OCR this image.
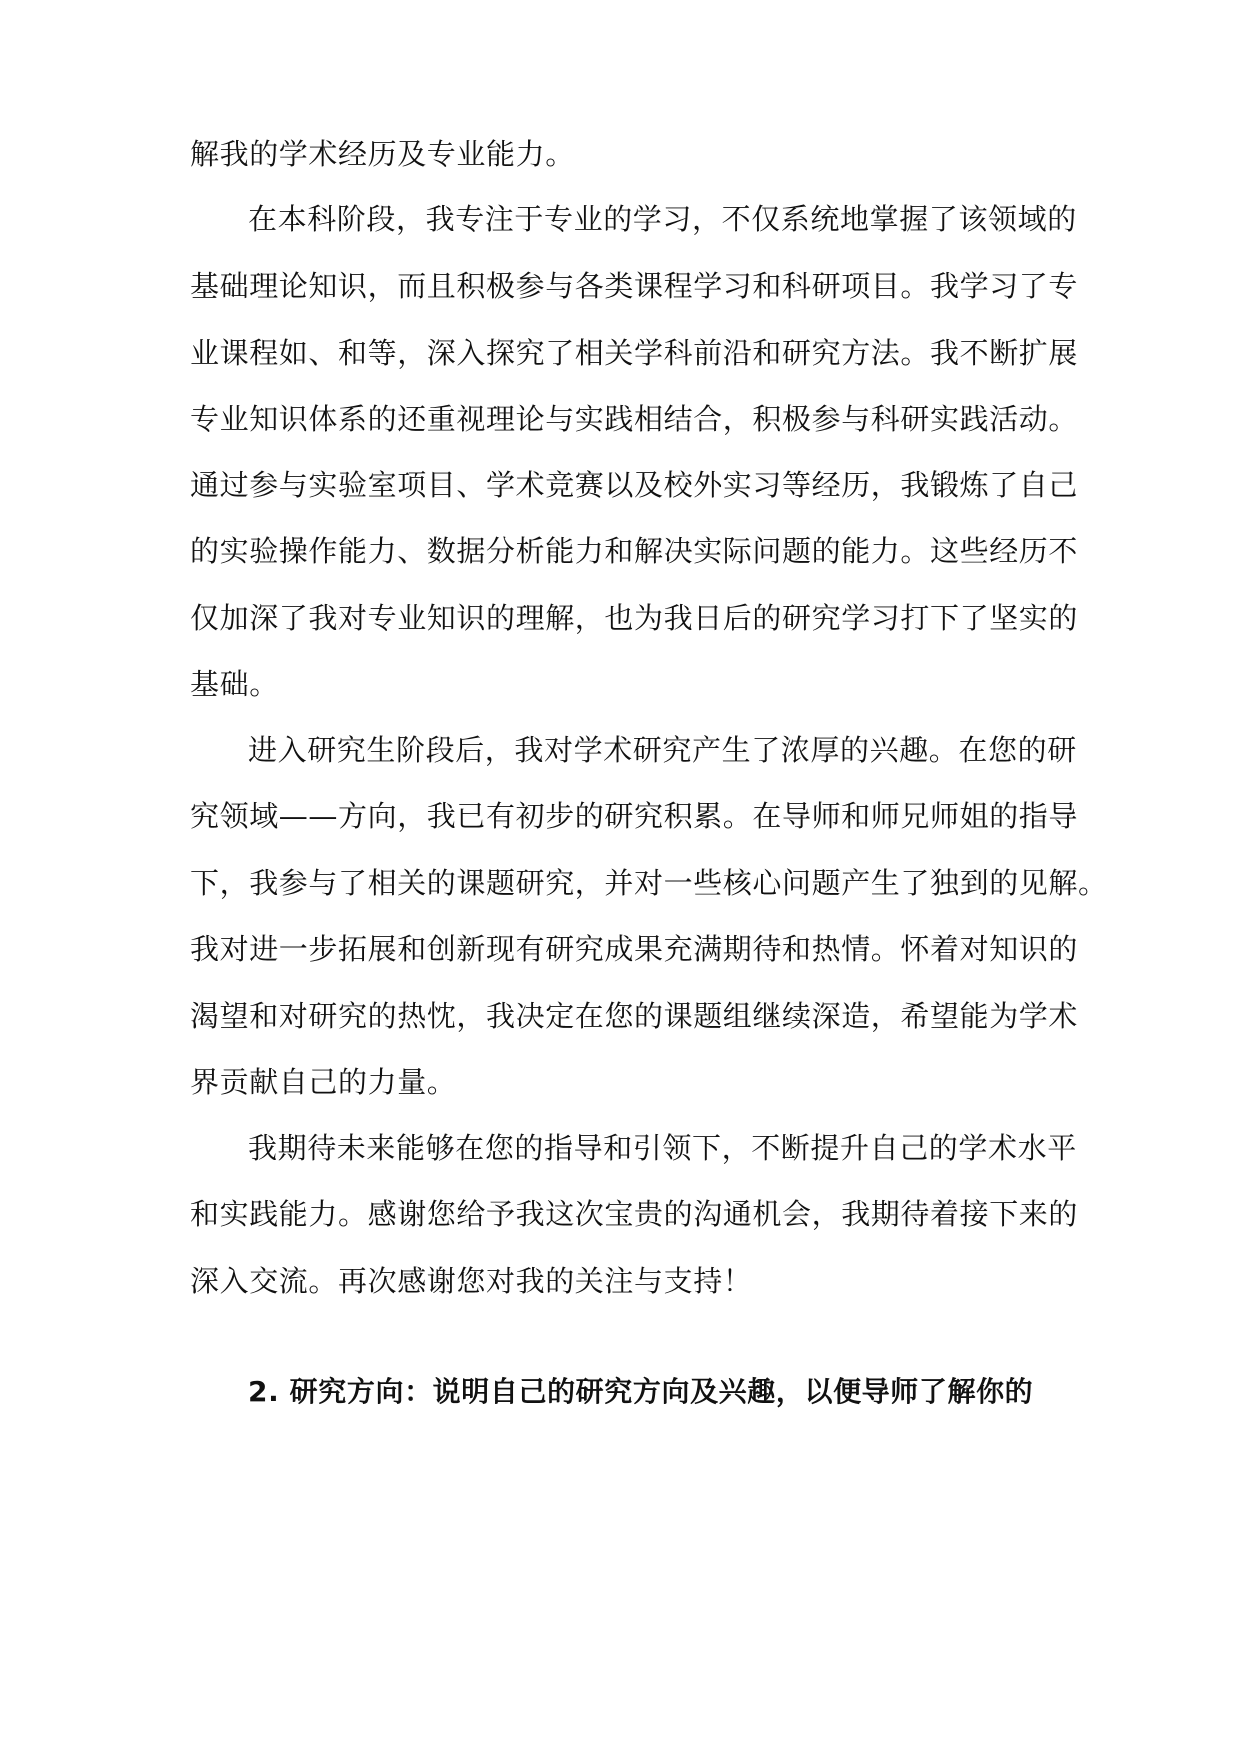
解我的学术经历及专业能力。
在本科阶段，我专注于专业的学习，不仅系统地掌握了该领域的
基础理论知识，而且积极参与各类课程学习和科研项目。我学习了专
业课程如、和等，深入探究了相关学科前沿和研究方法。我不断扩展
专业知识体系的还重视理论与实践相结合，积极参与科研实践活动。
通过参与实验室项目、学术竞赛以及校外实习等经历，我锻炼了自己
的实验操作能力、数据分析能力和解决实际问题的能力。这些经历不
仅加深了我对专业知识的理解，也为我日后的研究学习打下了坚实的
基础。
进入研究生阶段后，我对学术研究产生了浓厚的兴趣。在您的研
究领域——方向，我已有初步的研究积累。在导师和师兄师姐的指导
下，我参与了相关的课题研究，并对一些核心问题产生了独到的见解。
我对进一步拓展和创新现有研究成果充满期待和热情。怀着对知识的
渴望和对研究的热忱，我决定在您的课题组继续深造，希望能为学术
界贡献自己的力量。
我期待未来能够在您的指导和引领下，不断提升自己的学术水平
和实践能力。感谢您给予我这次宝贵的沟通机会，我期待着接下来的
深入交流。再次感谢您对我的关注与支持！
2. 研究方向：说明自己的研究方向及兴趣，以便导师了解你的
